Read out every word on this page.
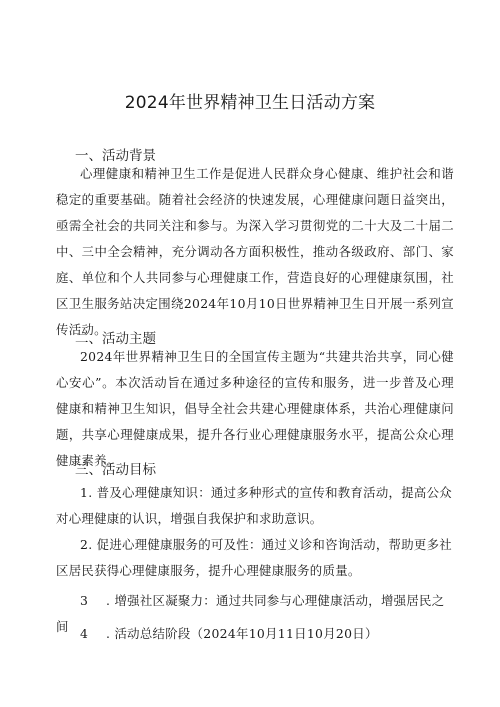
2024年世界精神卫生日活动方案
一、活动背景

心理健康和精神卫生工作是促进人民群众身心健康、维护社会和谐稳定的重要基础。随着社会经济的快速发展，心理健康问题日益突出，亟需全社会的共同关注和参与。为深入学习贯彻党的二十大及二十届二中、三中全会精神，充分调动各方面积极性，推动各级政府、部门、家庭、单位和个人共同参与心理健康工作，营造良好的心理健康氛围，社区卫生服务站决定围绕2024年10月10日世界精神卫生日开展一系列宣传活动。

二、活动主题

2024年世界精神卫生日的全国宣传主题为“共建共治共享，同心健心安心”。本次活动旨在通过多种途径的宣传和服务，进一步普及心理健康和精神卫生知识，倡导全社会共建心理健康体系，共治心理健康问题，共享心理健康成果，提升各行业心理健康服务水平，提高公众心理健康素养。

三、活动目标

1. 普及心理健康知识：通过多种形式的宣传和教育活动，提高公众对心理健康的认识，增强自我保护和求助意识。

2. 促进心理健康服务的可及性：通过义诊和咨询活动，帮助更多社区居民获得心理健康服务，提升心理健康服务的质量。

3 . 增强社区凝聚力：通过共同参与心理健康活动，增强居民之间 4 . 活动总结阶段（2024年10月11日10月20日）
